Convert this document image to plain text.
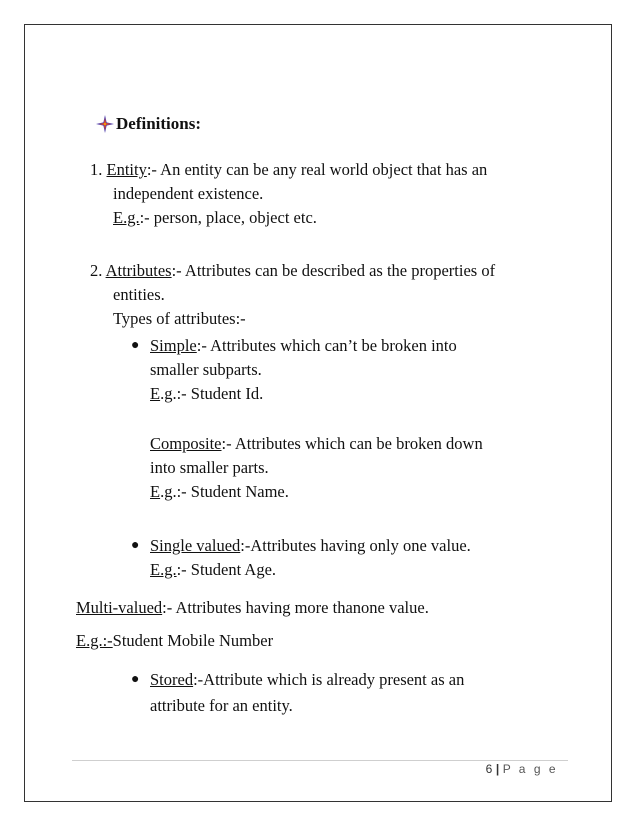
Definitions:
1. Entity:- An entity can be any real world object that has an
independent existence.
E.g.:- person, place, object etc.
2. Attributes:- Attributes can be described as the properties of
entities.
Types of attributes:-
● Simple:- Attributes which can’t be broken into
smaller subparts.
E.g.:- Student Id.
Composite:- Attributes which can be broken down
into smaller parts.
E.g.:- Student Name.
● Single valued:-Attributes having only one value.
E.g.:- Student Age.
Multi-valued:- Attributes having more thanone value.
E.g.:-Student Mobile Number
● Stored:-Attribute which is already present as an
attribute for an entity.
6 | P a g e
